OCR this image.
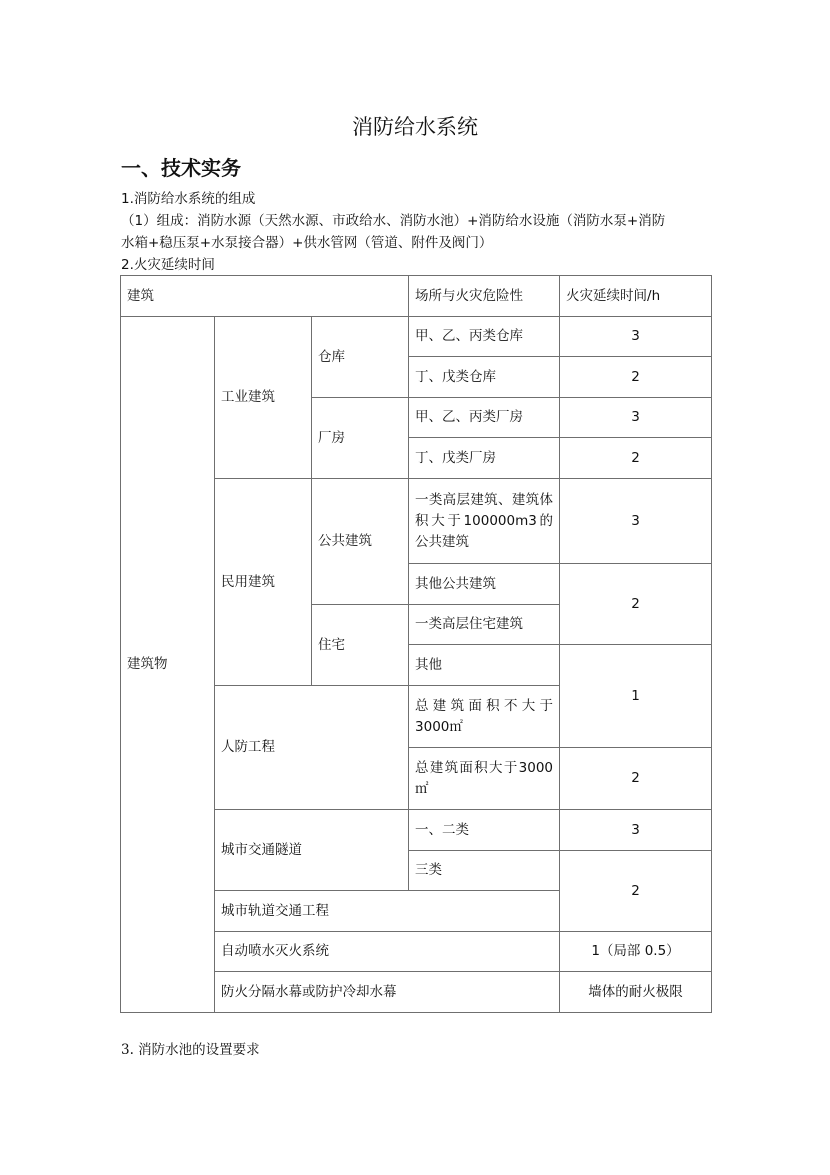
消防给水系统
一、技术实务
1.消防给水系统的组成
（1）组成：消防水源（天然水源、市政给水、消防水池）+消防给水设施（消防水泵+消防
水箱+稳压泵+水泵接合器）+供水管网（管道、附件及阀门）
2.火灾延续时间
建筑			场所与火灾危险性	火灾延续时间/h
建筑物	工业建筑	仓库	甲、乙、丙类仓库	3
			丁、戊类仓库	2
		厂房	甲、乙、丙类厂房	3
			丁、戊类厂房	2
	民用建筑	公共建筑	一类高层建筑、建筑体积大于100000m3的公共建筑	3
			其他公共建筑	2
		住宅	一类高层住宅建筑	
			其他	1
	人防工程		总建筑面积不大于3000㎡	
			总建筑面积大于3000㎡	2
	城市交通隧道		一、二类	3
			三类	2
	城市轨道交通工程			
	自动喷水灭火系统			1（局部 0.5）
	防火分隔水幕或防护冷却水幕			墙体的耐火极限
3. 消防水池的设置要求
